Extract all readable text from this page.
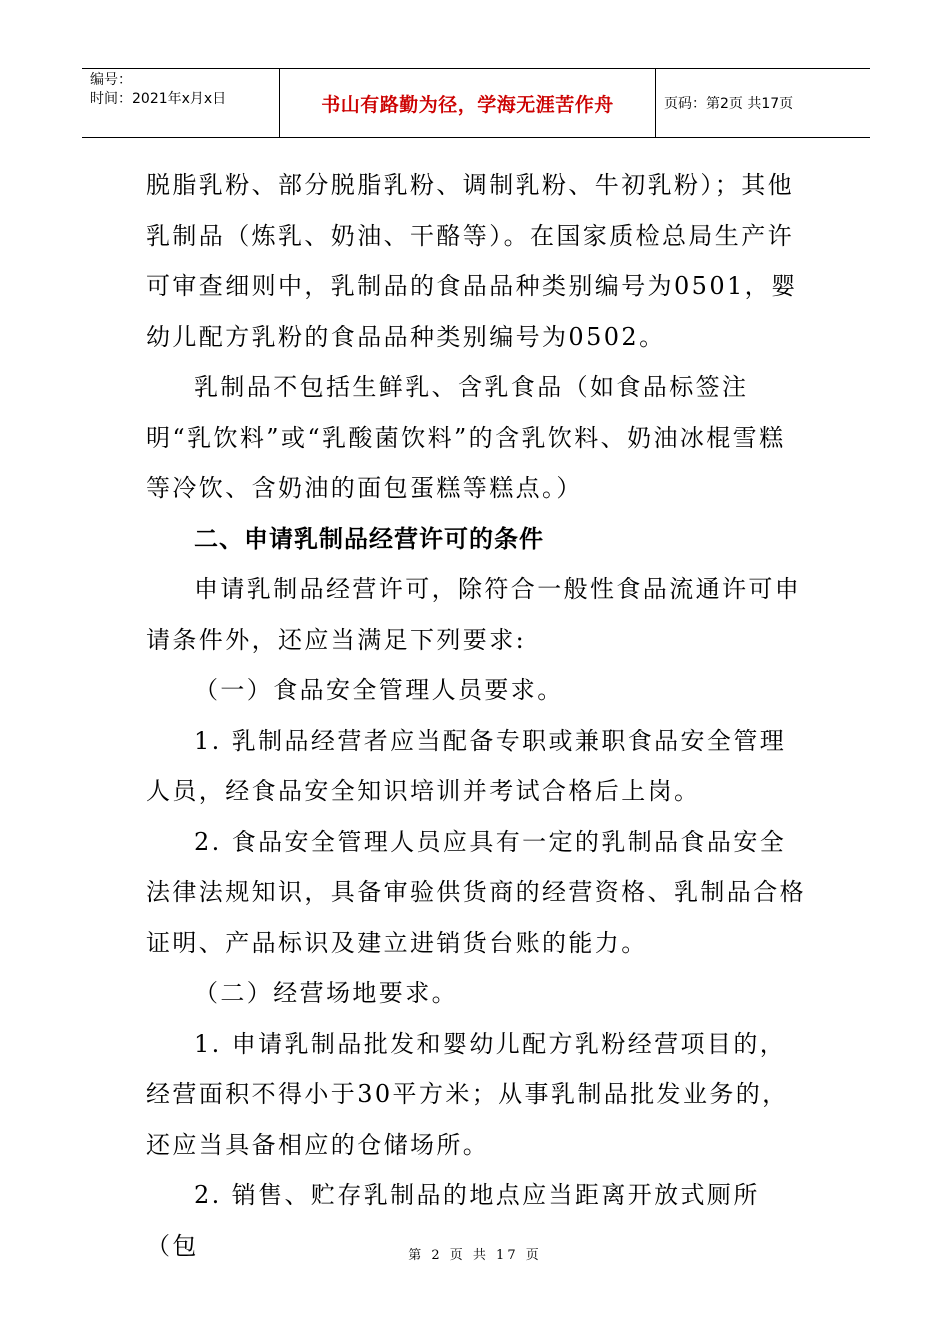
编号：
时间：2021年x月x日	书山有路勤为径，学海无涯苦作舟	页码：第2页 共17页

脱脂乳粉、部分脱脂乳粉、调制乳粉、牛初乳粉）；其他乳制品（炼乳、奶油、干酪等）。在国家质检总局生产许可审查细则中，乳制品的食品品种类别编号为0501，婴幼儿配方乳粉的食品品种类别编号为0502。

乳制品不包括生鲜乳、含乳食品（如食品标签注明“乳饮料”或“乳酸菌饮料”的含乳饮料、奶油冰棍雪糕等冷饮、含奶油的面包蛋糕等糕点。）

二、申请乳制品经营许可的条件

申请乳制品经营许可，除符合一般性食品流通许可申请条件外，还应当满足下列要求:

（一）食品安全管理人员要求。

1. 乳制品经营者应当配备专职或兼职食品安全管理人员，经食品安全知识培训并考试合格后上岗。

2. 食品安全管理人员应具有一定的乳制品食品安全法律法规知识，具备审验供货商的经营资格、乳制品合格证明、产品标识及建立进销货台账的能力。

（二）经营场地要求。

1. 申请乳制品批发和婴幼儿配方乳粉经营项目的，经营面积不得小于30平方米；从事乳制品批发业务的，还应当具备相应的仓储场所。

2. 销售、贮存乳制品的地点应当距离开放式厕所（包	第 2 页 共 17 页
